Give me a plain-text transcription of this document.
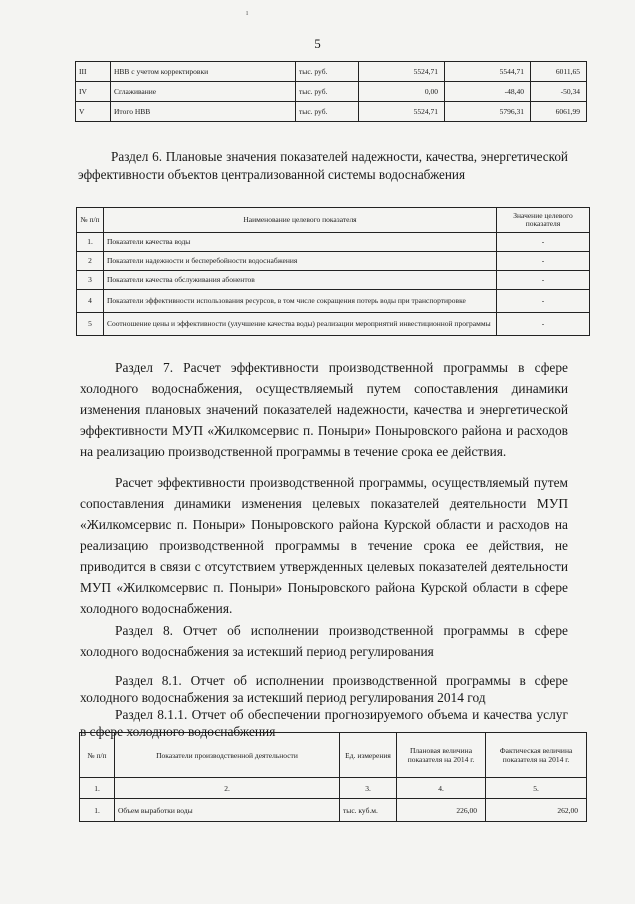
ı
5
III	НВВ с учетом корректировки	тыс. руб.	5524,71	5544,71	6011,65
IV	Сглаживание	тыс. руб.	0,00	-48,40	-50,34
V	Итого НВВ	тыс. руб.	5524,71	5796,31	6061,99
Раздел 6. Плановые значения показателей надежности, качества, энергетической эффективности объектов централизованной системы водоснабжения
№ п/п	Наименование целевого показателя	Значение целевого показателя
1.	Показатели качества воды	-
2	Показатели надежности и бесперебойности водоснабжения	-
3	Показатели качества обслуживания абонентов	-
4	Показатели эффективности использования ресурсов, в том числе сокращения потерь воды при транспортировке	-
5	Соотношение цены и эффективности (улучшение качества воды) реализации мероприятий инвестиционной программы	-

Раздел 7. Расчет эффективности производственной программы в сфере холодного водоснабжения, осуществляемый путем сопоставления динамики изменения плановых значений показателей надежности, качества и энергетической эффективности МУП «Жилкомсервис п. Поныри» Поныровского района и расходов на реализацию производственной программы в течение срока ее действия.

Расчет эффективности производственной программы, осуществляемый путем сопоставления динамики изменения целевых показателей деятельности МУП «Жилкомсервис п. Поныри» Поныровского района Курской области и расходов на реализацию производственной программы в течение срока ее действия, не приводится в связи с отсутствием утвержденных целевых показателей деятельности МУП «Жилкомсервис п. Поныри» Поныровского района Курской области в сфере холодного водоснабжения.

Раздел 8. Отчет об исполнении производственной программы в сфере холодного водоснабжения за истекший период регулирования

Раздел 8.1. Отчет об исполнении производственной программы в сфере холодного водоснабжения за истекший период регулирования 2014 год

Раздел 8.1.1. Отчет об обеспечении прогнозируемого объема и качества услуг в сфере холодного водоснабжения

№ п/п	Показатели производственной деятельности	Ед. измерения	Плановая величина показателя на 2014 г.	Фактическая величина показателя на 2014 г.
1.	2.	3.	4.	5.
1.	Объем выработки воды	тыс. куб.м.	226,00	262,00
